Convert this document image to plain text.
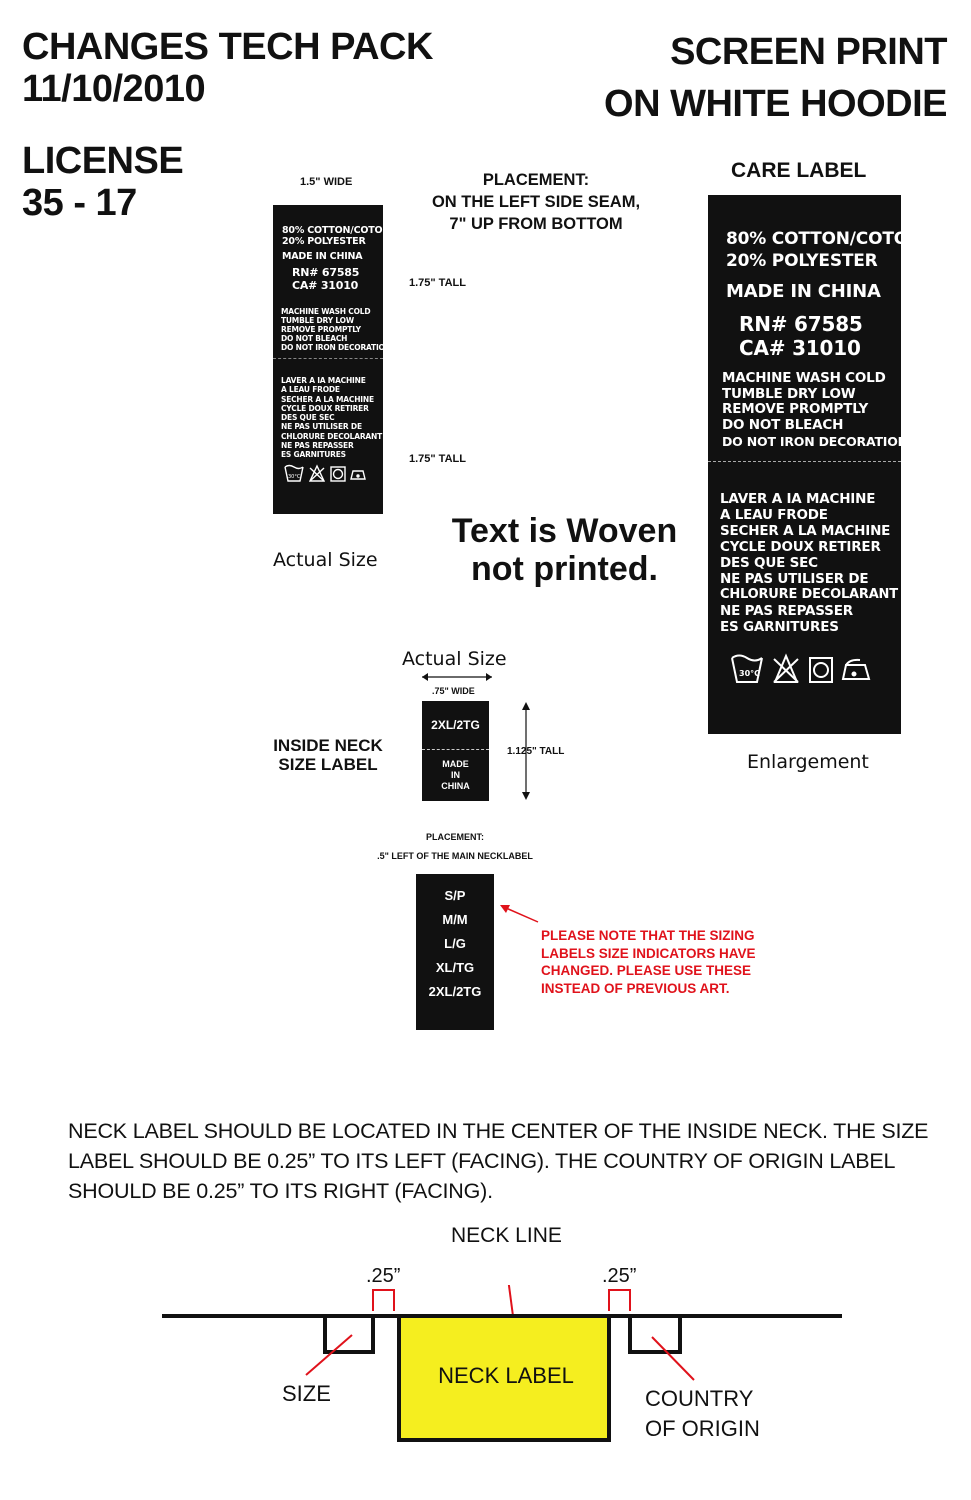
CHANGES TECH PACK
11/10/2010
LICENSE
35 - 17
SCREEN PRINT
ON WHITE HOODIE
1.5" WIDE
80% COTTON/COTON
20% POLYESTER
MADE IN CHINA
RN# 67585
CA# 31010
MACHINE WASH COLD
TUMBLE DRY LOW
REMOVE PROMPTLY
DO NOT BLEACH
DO NOT IRON DECORATION
LAVER A IA MACHINE
A LEAU FRODE
SECHER A LA MACHINE
CYCLE DOUX RETIRER
DES QUE SEC
NE PAS UTILISER DE
CHLORURE DECOLARANT
NE PAS REPASSER
ES GARNITURES
30°C
1.75" TALL
1.75" TALL
Actual Size
PLACEMENT:
ON THE LEFT SIDE SEAM,
7" UP FROM BOTTOM
CARE LABEL
80% COTTON/COTON
20% POLYESTER
MADE IN CHINA
RN# 67585
CA# 31010
MACHINE WASH COLD
TUMBLE DRY LOW
REMOVE PROMPTLY
DO NOT BLEACH
DO NOT IRON DECORATION
LAVER A IA MACHINE
A LEAU FRODE
SECHER A LA MACHINE
CYCLE DOUX RETIRER
DES QUE SEC
NE PAS UTILISER DE
CHLORURE DECOLARANT
NE PAS REPASSER
ES GARNITURES
30°C
Enlargement
Text is Woven
not printed.
Actual Size
.75" WIDE
INSIDE NECK
SIZE LABEL
2XL/2TG
MADE
IN
CHINA
1.125" TALL
PLACEMENT:
.5" LEFT OF THE MAIN NECKLABEL
S/P
M/M
L/G
XL/TG
2XL/2TG
PLEASE NOTE THAT THE SIZING
LABELS SIZE INDICATORS HAVE
CHANGED. PLEASE USE THESE
INSTEAD OF PREVIOUS ART.
NECK LABEL SHOULD BE LOCATED IN THE CENTER OF THE INSIDE NECK. THE SIZE
LABEL SHOULD BE 0.25” TO ITS LEFT (FACING). THE COUNTRY OF ORIGIN LABEL
SHOULD BE 0.25” TO ITS RIGHT (FACING).
NECK LINE
.25”	.25”
NECK LABEL
SIZE	COUNTRY
OF ORIGIN
